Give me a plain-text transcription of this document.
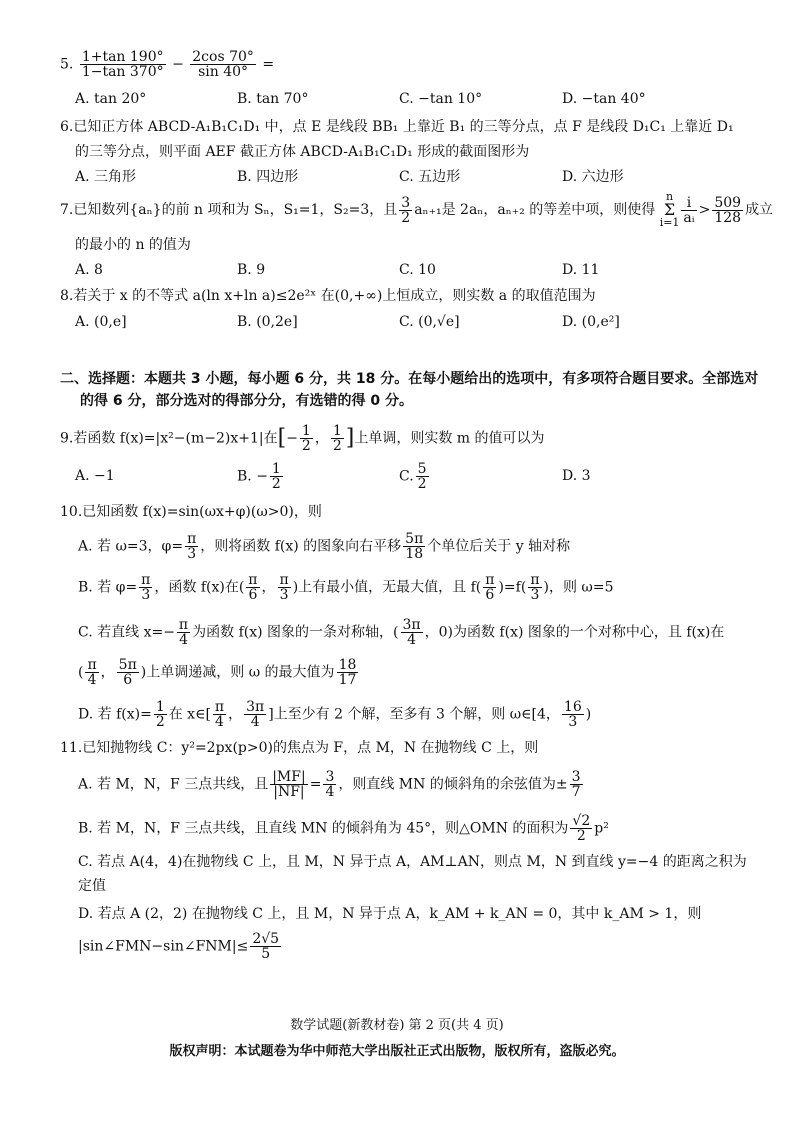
5. $\frac{1+\tan 190^\circ}{1-\tan 370^\circ} - \frac{2\cos 70^\circ}{\sin 40^\circ}$ =
A. tan 20°	B. tan 70°	C. −tan 10°	D. −tan 40°
6.已知正方体 ABCD-A₁B₁C₁D₁ 中，点 E 是线段 BB₁ 上靠近 B₁ 的三等分点，点 F 是线段 D₁C₁ 上靠近 D₁
的三等分点，则平面 AEF 截正方体 ABCD-A₁B₁C₁D₁ 形成的截面图形为
A. 三角形	B. 四边形	C. 五边形	D. 六边形
7.已知数列{aₙ}的前 n 项和为 Sₙ，S₁=1，S₂=3，且 $\frac{3}{2} a_{n+1}$是 2aₙ，aₙ₊₂ 的等差中项，则使得
n
Σ
$i=1 \frac{i}{\text{aᵢ}} > \frac{509}{128}$ 成立
的最小的 n 的值为
A. 8	B. 9	C. 10	D. 11
8.若关于 x 的不等式 a(ln x+ln a)≤2e²ˣ 在(0,+∞)上恒成立，则实数 a 的取值范围为
A. (0,e]	B. (0,2e]	C. (0,√e]	D. (0,e²]
二、选择题：本题共 3 小题，每小题 6 分，共 18 分。在每小题给出的选项中，有多项符合题目要求。全部选对
的得 6 分，部分选对的得部分分，有选错的得 0 分。
9.若函数 f(x)=|x²−(m−2)x+1|在[− $\frac{1}{2}$ ， $\frac{1}{2}$ ]上单调，则实数 m 的值可以为
A. −1	B. − $\frac{1}{2}$	C. $\frac{5}{2}$	D. 3
10.已知函数 f(x)=sin(ωx+φ)(ω>0)，则
A. 若 ω=3，$\varphi= \frac{\pi}{3}$ ，则将函数 f(x) 的图象向右平移 $\frac{5\pi}{18}$ 个单位后关于 y 轴对称
B. 若 $\varphi= \frac{\pi}{3}$ ，函数 f(x)在( $\frac{\pi}{6}$ ， $\frac{\pi}{3}$ )上有最小值，无最大值，且 $f( \frac{\pi}{6} )=f( \frac{\pi}{3}$ )，则 ω=5
C. 若直线 $x=- \frac{\pi}{4}$ 为函数 f(x) 图象的一条对称轴，( $\frac{3\pi}{4}$ ，0)为函数 f(x) 图象的一个对称中心，且 f(x)在
( $\frac{\pi}{4}$ ， $\frac{5\pi}{6}$ )上单调递减，则 ω 的最大值为 $\frac{18}{17}$
D. 若 $f(x)= \frac{1}{2}$ 在 x∈[ $\frac{\pi}{4}$ ， $\frac{3\pi}{4}$ ]上至少有 2 个解，至多有 3 个解，则 ω∈[4， $\frac{16}{3}$ )
11.已知抛物线 C：y²=2px(p>0)的焦点为 F，点 M，N 在抛物线 C 上，则
A. 若 M，N，F 三点共线，且 $\frac{|MF|}{|NF|} = \frac{3}{4}$ ，则直线 MN 的倾斜角的余弦值为± $\frac{3}{7}$
B. 若 M，N，F 三点共线，且直线 MN 的倾斜角为 45°，则△OMN 的面积为 $\frac{√2}{2} p^2$
C. 若点 A(4，4)在抛物线 C 上，且 M，N 异于点 A，AM⊥AN，则点 M，N 到直线 y=−4 的距离之积为
定值
D. 若点 A (2，2) 在抛物线 C 上，且 M，N 异于点 A，k_AM + k_AN = 0，其中 k_AM > 1，则
|sin∠FMN−sin∠FNM|≤ $\frac{2√5}{5}$
数学试题(新教材卷) 第 2 页(共 4 页)
版权声明：本试题卷为华中师范大学出版社正式出版物，版权所有，盗版必究。
